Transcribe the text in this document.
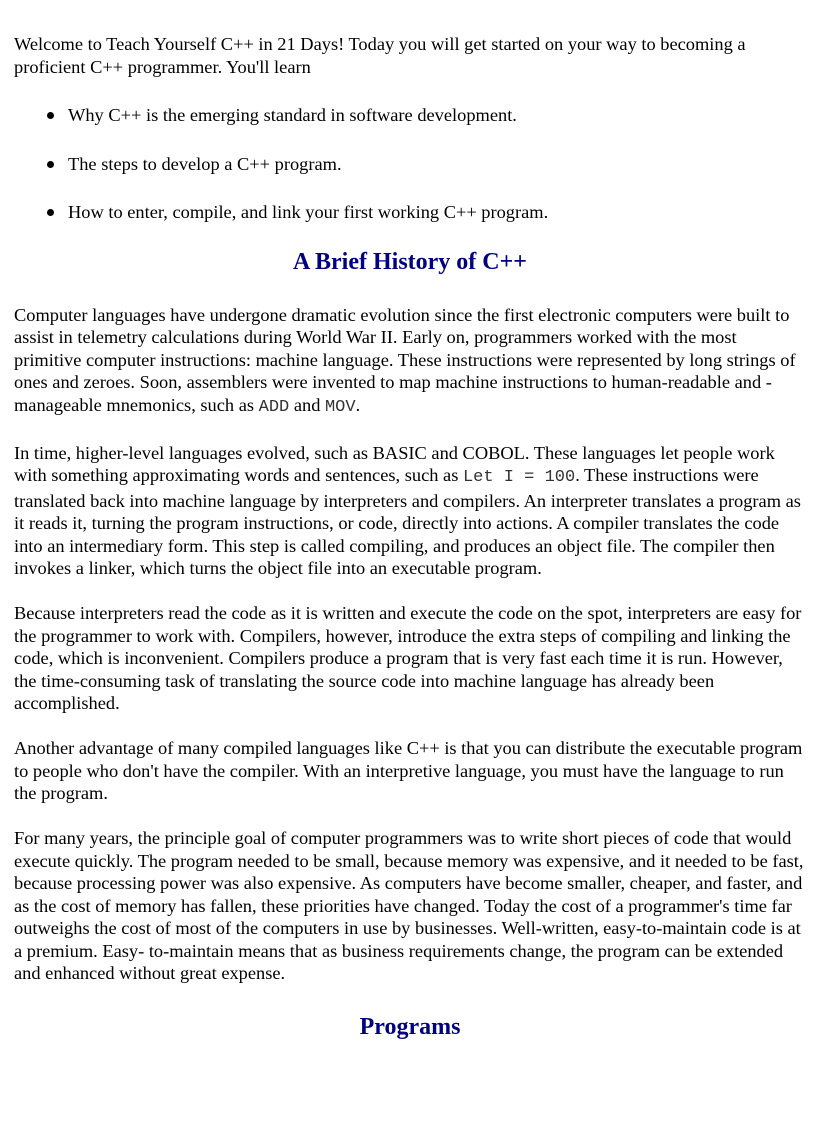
Welcome to Teach Yourself C++ in 21 Days! Today you will get started on your way to becoming a proficient C++ programmer. You'll learn

Why C++ is the emerging standard in software development.
The steps to develop a C++ program.
How to enter, compile, and link your first working C++ program.
A Brief History of C++

Computer languages have undergone dramatic evolution since the first electronic computers were built to assist in telemetry calculations during World War II. Early on, programmers worked with the most primitive computer instructions: machine language. These instructions were represented by long strings of ones and zeroes. Soon, assemblers were invented to map machine instructions to human-readable and -manageable mnemonics, such as ADD and MOV.

In time, higher-level languages evolved, such as BASIC and COBOL. These languages let people work with something approximating words and sentences, such as Let I = 100. These instructions were translated back into machine language by interpreters and compilers. An interpreter translates a program as it reads it, turning the program instructions, or code, directly into actions. A compiler translates the code into an intermediary form. This step is called compiling, and produces an object file. The compiler then invokes a linker, which turns the object file into an executable program.

Because interpreters read the code as it is written and execute the code on the spot, interpreters are easy for the programmer to work with. Compilers, however, introduce the extra steps of compiling and linking the code, which is inconvenient. Compilers produce a program that is very fast each time it is run. However, the time-consuming task of translating the source code into machine language has already been accomplished.

Another advantage of many compiled languages like C++ is that you can distribute the executable program to people who don't have the compiler. With an interpretive language, you must have the language to run the program.

For many years, the principle goal of computer programmers was to write short pieces of code that would execute quickly. The program needed to be small, because memory was expensive, and it needed to be fast, because processing power was also expensive. As computers have become smaller, cheaper, and faster, and as the cost of memory has fallen, these priorities have changed. Today the cost of a programmer's time far outweighs the cost of most of the computers in use by businesses. Well-written, easy-to-maintain code is at a premium. Easy- to-maintain means that as business requirements change, the program can be extended and enhanced without great expense.

Programs
